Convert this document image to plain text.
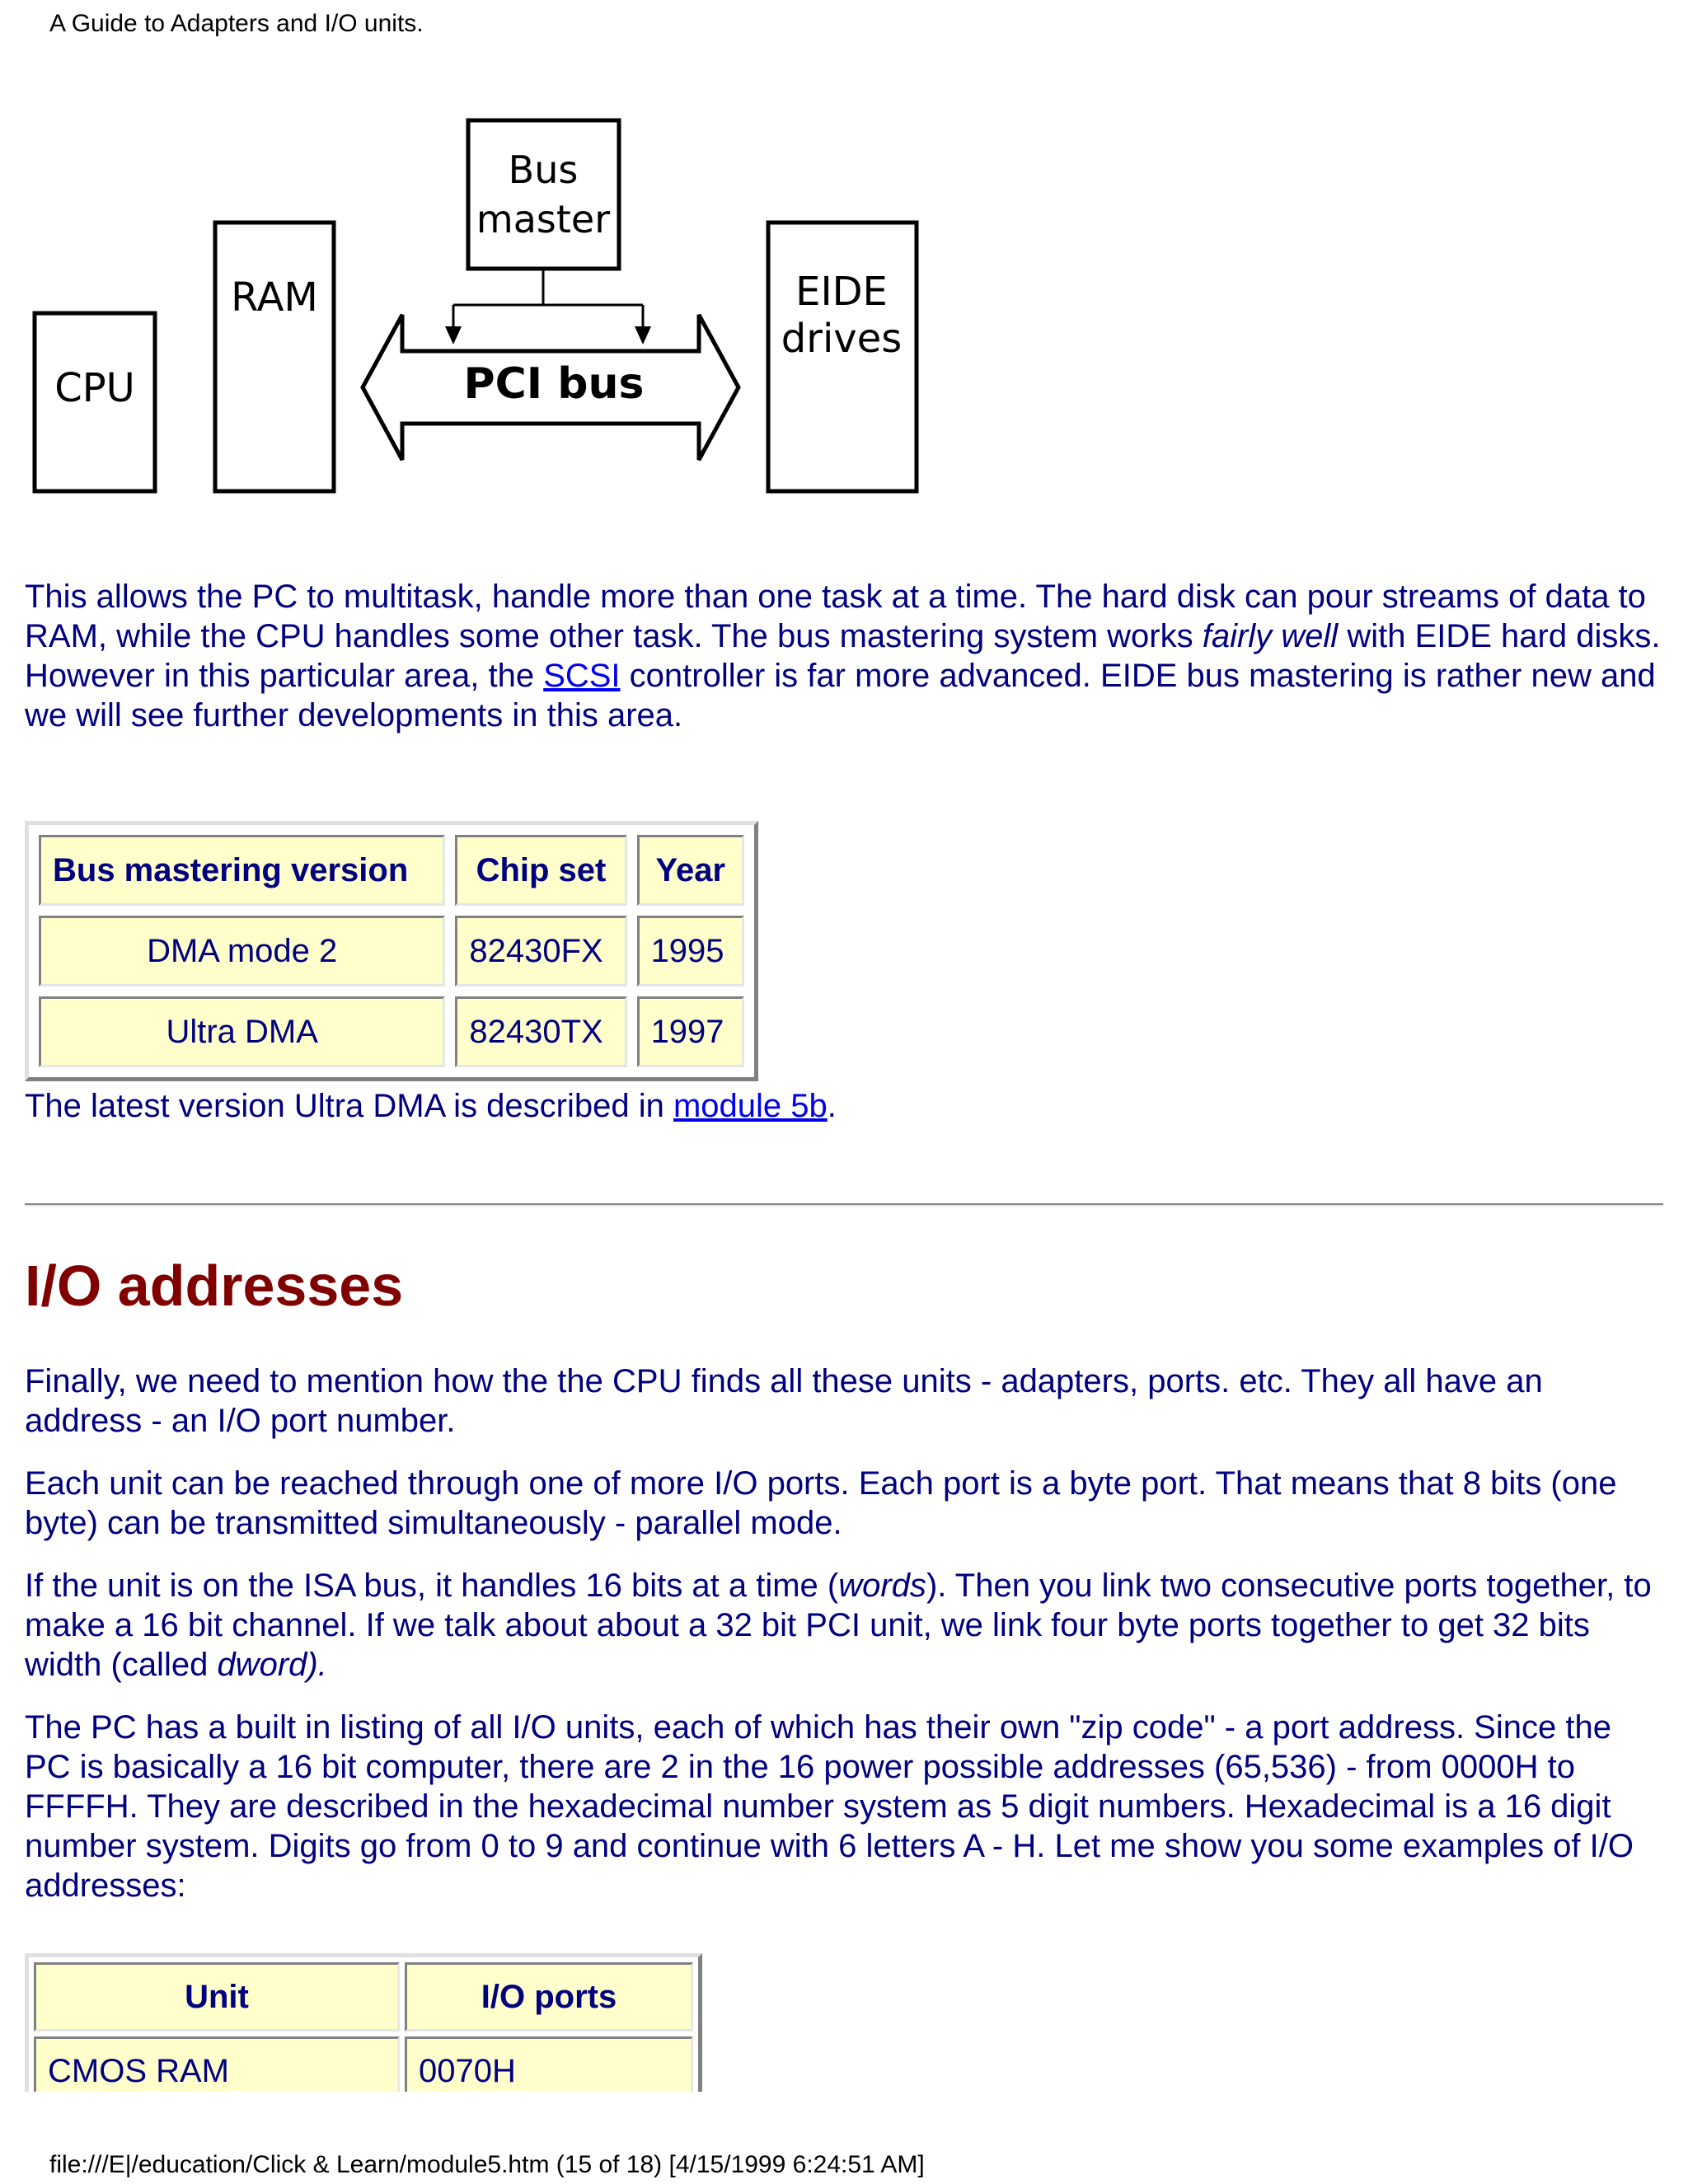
A Guide to Adapters and I/O units.
CPU
RAM
Bus
master
PCI bus
EIDE
drives

This allows the PC to multitask, handle more than one task at a time. The hard disk can pour streams of data to RAM, while the CPU handles some other task. The bus mastering system works fairly well with EIDE hard disks. However in this particular area, the SCSI controller is far more advanced. EIDE bus mastering is rather new and we will see further developments in this area.

Bus mastering version	Chip set	Year
DMA mode 2	82430FX	1995
Ultra DMA	82430TX	1997

The latest version Ultra DMA is described in module 5b.

I/O addresses

Finally, we need to mention how the the CPU finds all these units - adapters, ports. etc. They all have an address - an I/O port number.

Each unit can be reached through one of more I/O ports. Each port is a byte port. That means that 8 bits (one byte) can be transmitted simultaneously - parallel mode.

If the unit is on the ISA bus, it handles 16 bits at a time (words). Then you link two consecutive ports together, to make a 16 bit channel. If we talk about about a 32 bit PCI unit, we link four byte ports together to get 32 bits width (called dword).

The PC has a built in listing of all I/O units, each of which has their own "zip code" - a port address. Since the PC is basically a 16 bit computer, there are 2 in the 16 power possible addresses (65,536) - from 0000H to FFFFH. They are described in the hexadecimal number system as 5 digit numbers. Hexadecimal is a 16 digit number system. Digits go from 0 to 9 and continue with 6 letters A - H. Let me show you some examples of I/O addresses:

Unit	I/O ports
CMOS RAM	0070H
file:///E|/education/Click & Learn/module5.htm (15 of 18) [4/15/1999 6:24:51 AM]
